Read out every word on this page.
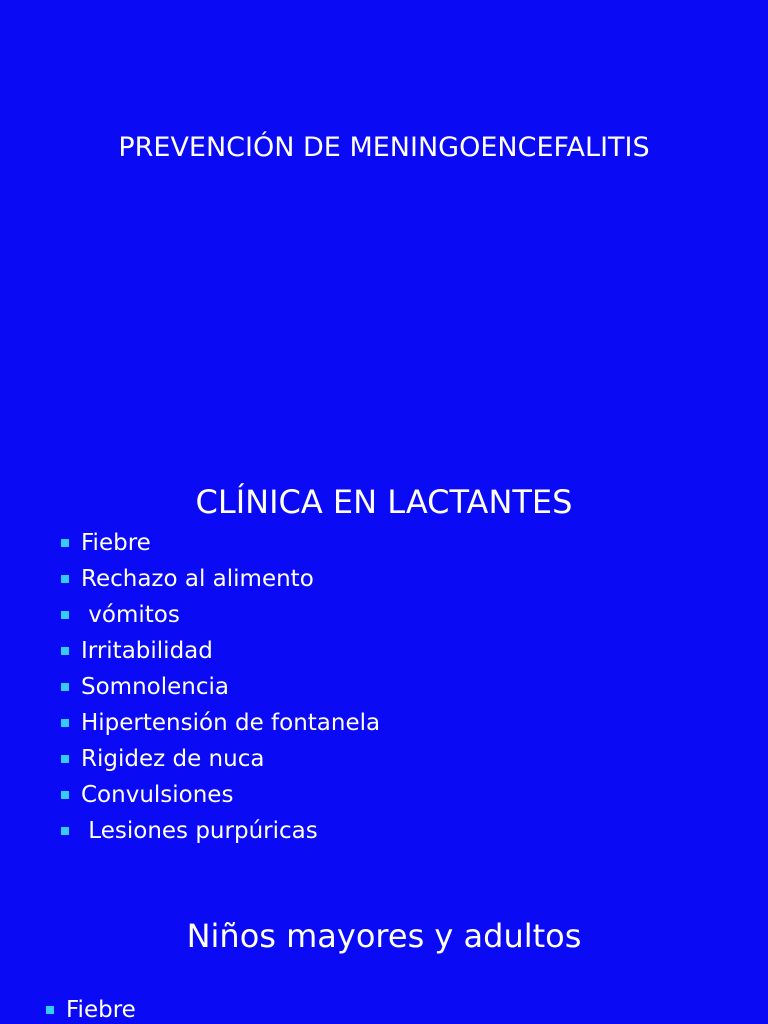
PREVENCIÓN DE MENINGOENCEFALITIS
CLÍNICA EN LACTANTES

Fiebre

Rechazo al alimento

vómitos

Irritabilidad

Somnolencia

Hipertensión de fontanela

Rigidez de nuca

Convulsiones

Lesiones purpúricas

Niños mayores y adultos

Fiebre
